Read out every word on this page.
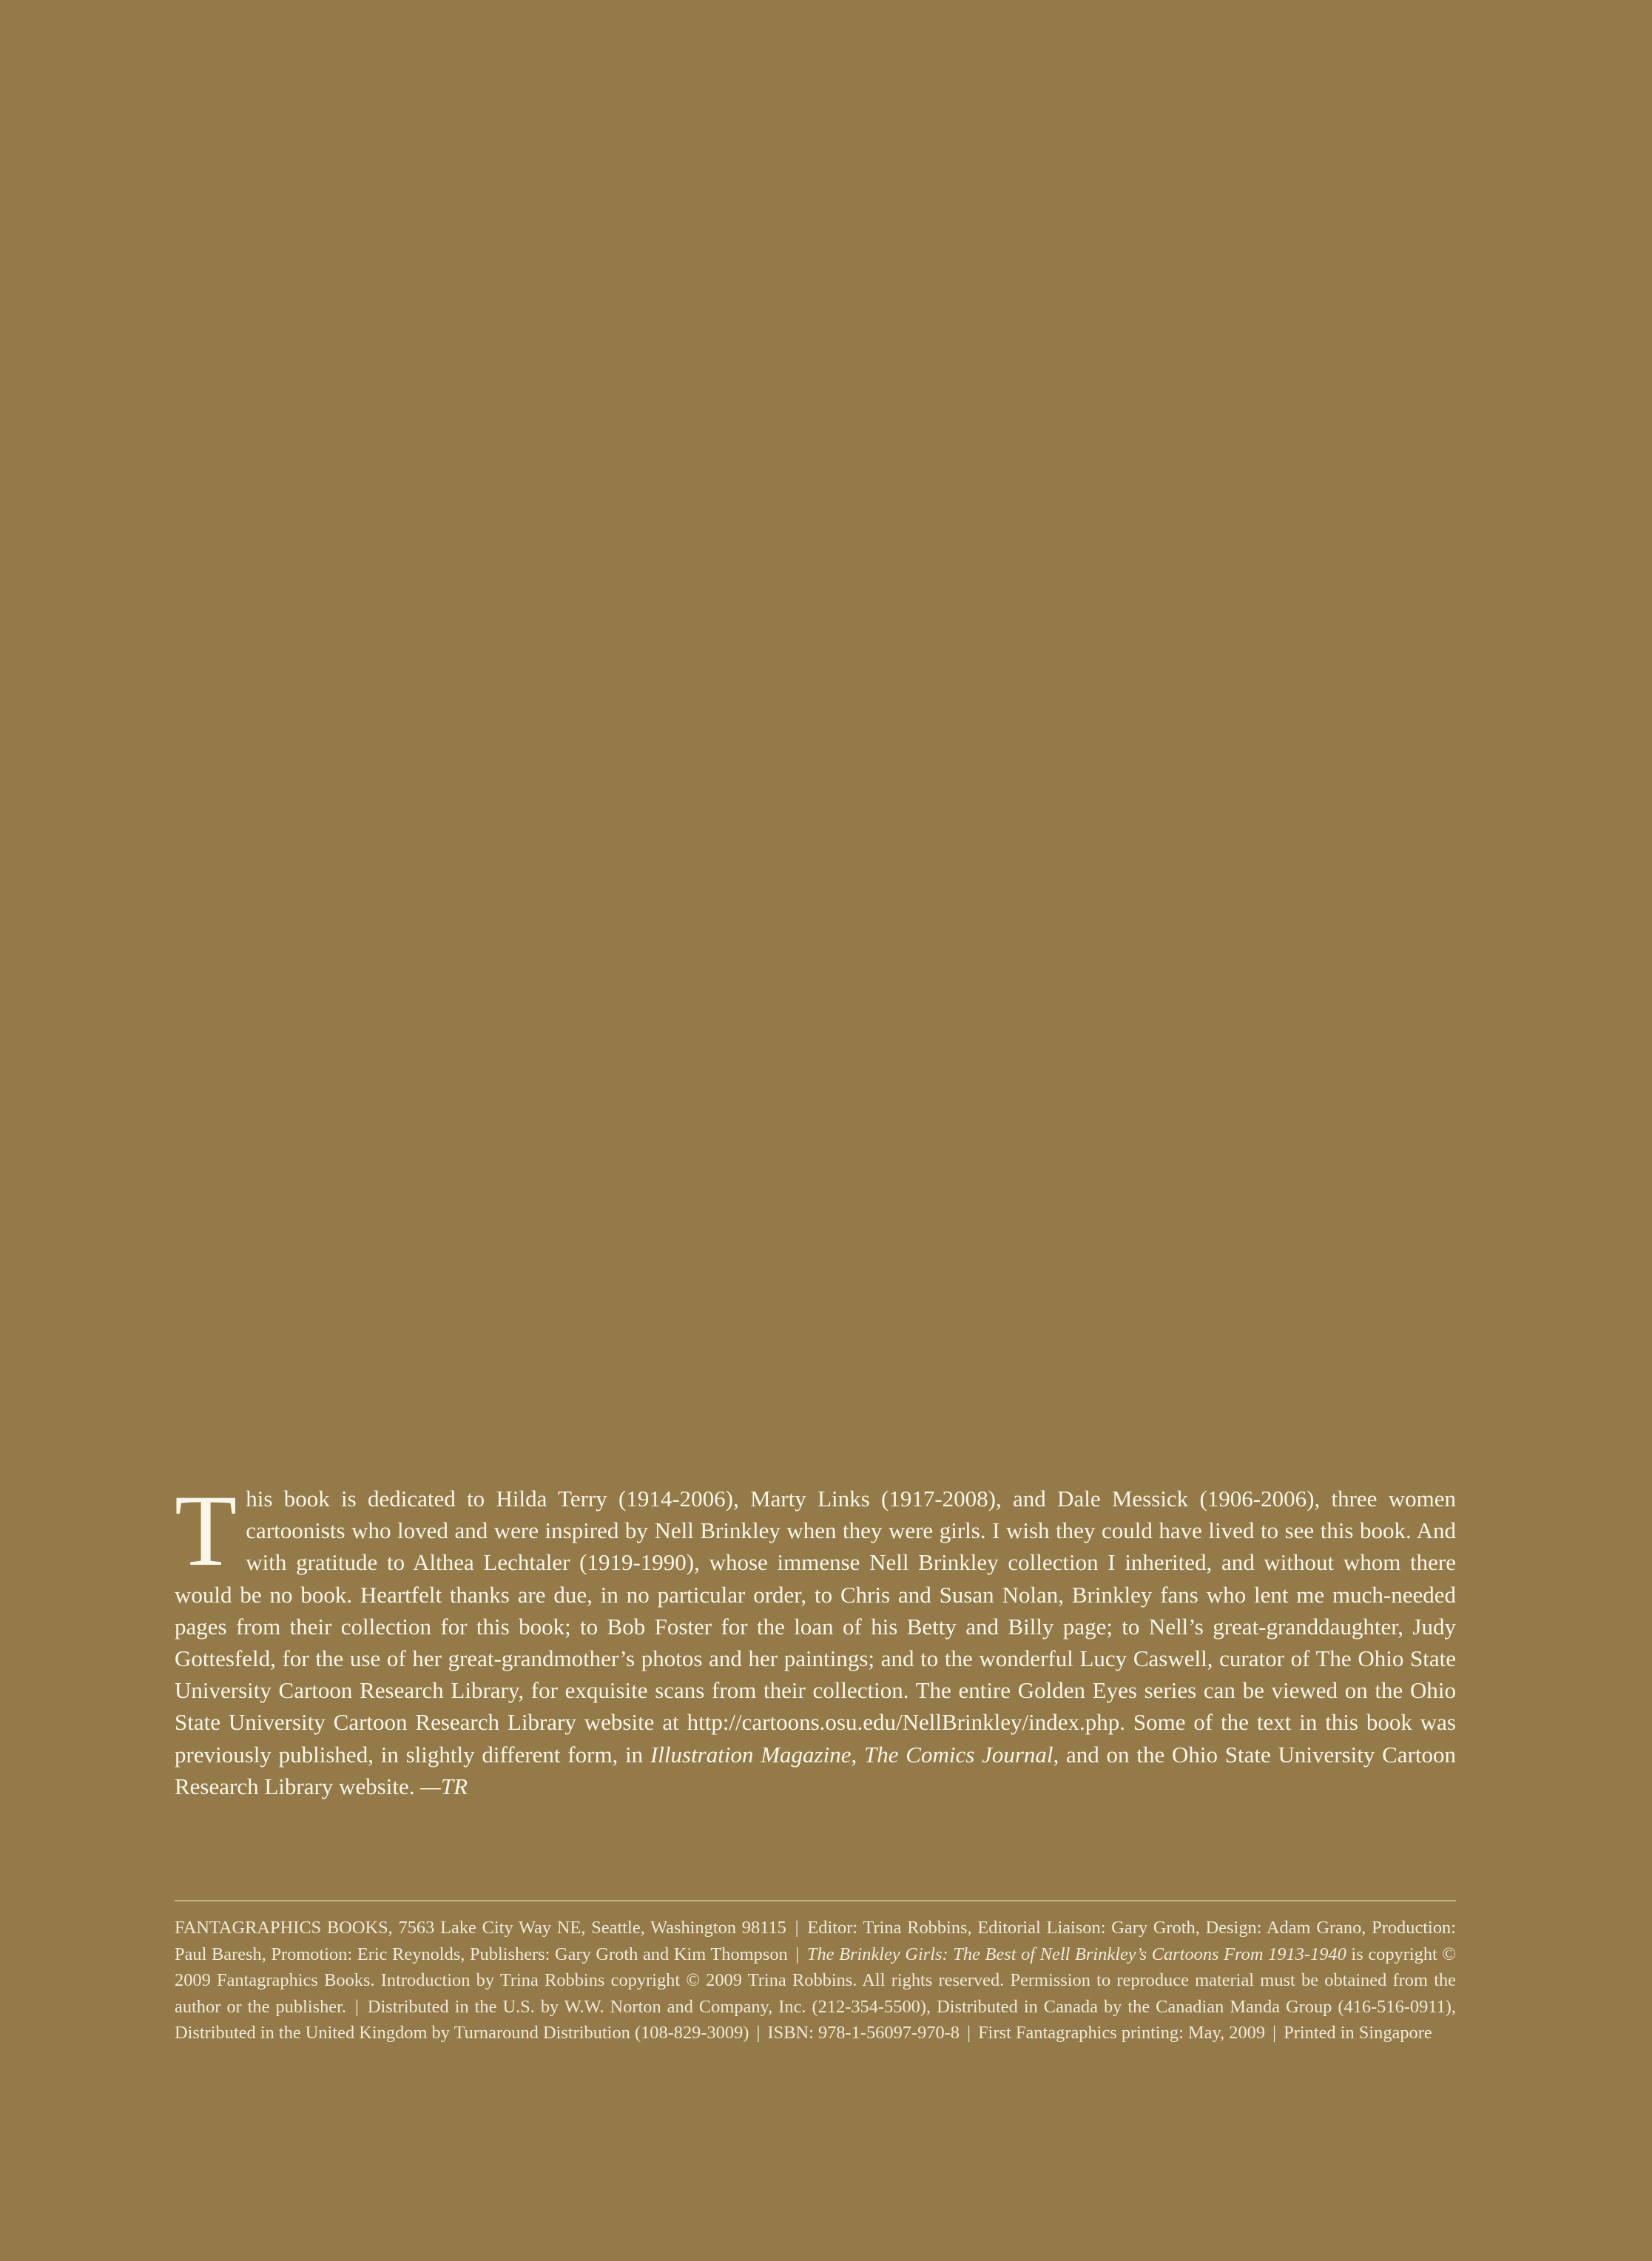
This book is dedicated to Hilda Terry (1914-2006), Marty Links (1917-2008), and Dale Messick (1906-2006), three women cartoonists who loved and were inspired by Nell Brinkley when they were girls. I wish they could have lived to see this book. And with gratitude to Althea Lechtaler (1919-1990), whose immense Nell Brinkley collection I inherited, and without whom there would be no book. Heartfelt thanks are due, in no particular order, to Chris and Susan Nolan, Brinkley fans who lent me much-needed pages from their collection for this book; to Bob Foster for the loan of his Betty and Billy page; to Nell’s great-granddaughter, Judy Gottesfeld, for the use of her great-grandmother’s photos and her paintings; and to the wonderful Lucy Caswell, curator of The Ohio State University Cartoon Research Library, for exquisite scans from their collection. The entire Golden Eyes series can be viewed on the Ohio State University Cartoon Research Library website at http://cartoons.osu.edu/NellBrinkley/index.php. Some of the text in this book was previously published, in slightly different form, in Illustration Magazine, The Comics Journal, and on the Ohio State University Cartoon Research Library website. —TR

FANTAGRAPHICS BOOKS, 7563 Lake City Way NE, Seattle, Washington 98115 | Editor: Trina Robbins, Editorial Liaison: Gary Groth, Design: Adam Grano, Production: Paul Baresh, Promotion: Eric Reynolds, Publishers: Gary Groth and Kim Thompson | The Brinkley Girls: The Best of Nell Brinkley’s Cartoons From 1913-1940 is copyright © 2009 Fantagraphics Books. Introduction by Trina Robbins copyright © 2009 Trina Robbins. All rights reserved. Permission to reproduce material must be obtained from the author or the publisher. | Distributed in the U.S. by W.W. Norton and Company, Inc. (212-354-5500), Distributed in Canada by the Canadian Manda Group (416-516-0911), Distributed in the United Kingdom by Turnaround Distribution (108-829-3009) | ISBN: 978-1-56097-970-8 | First Fantagraphics printing: May, 2009 | Printed in Singapore
